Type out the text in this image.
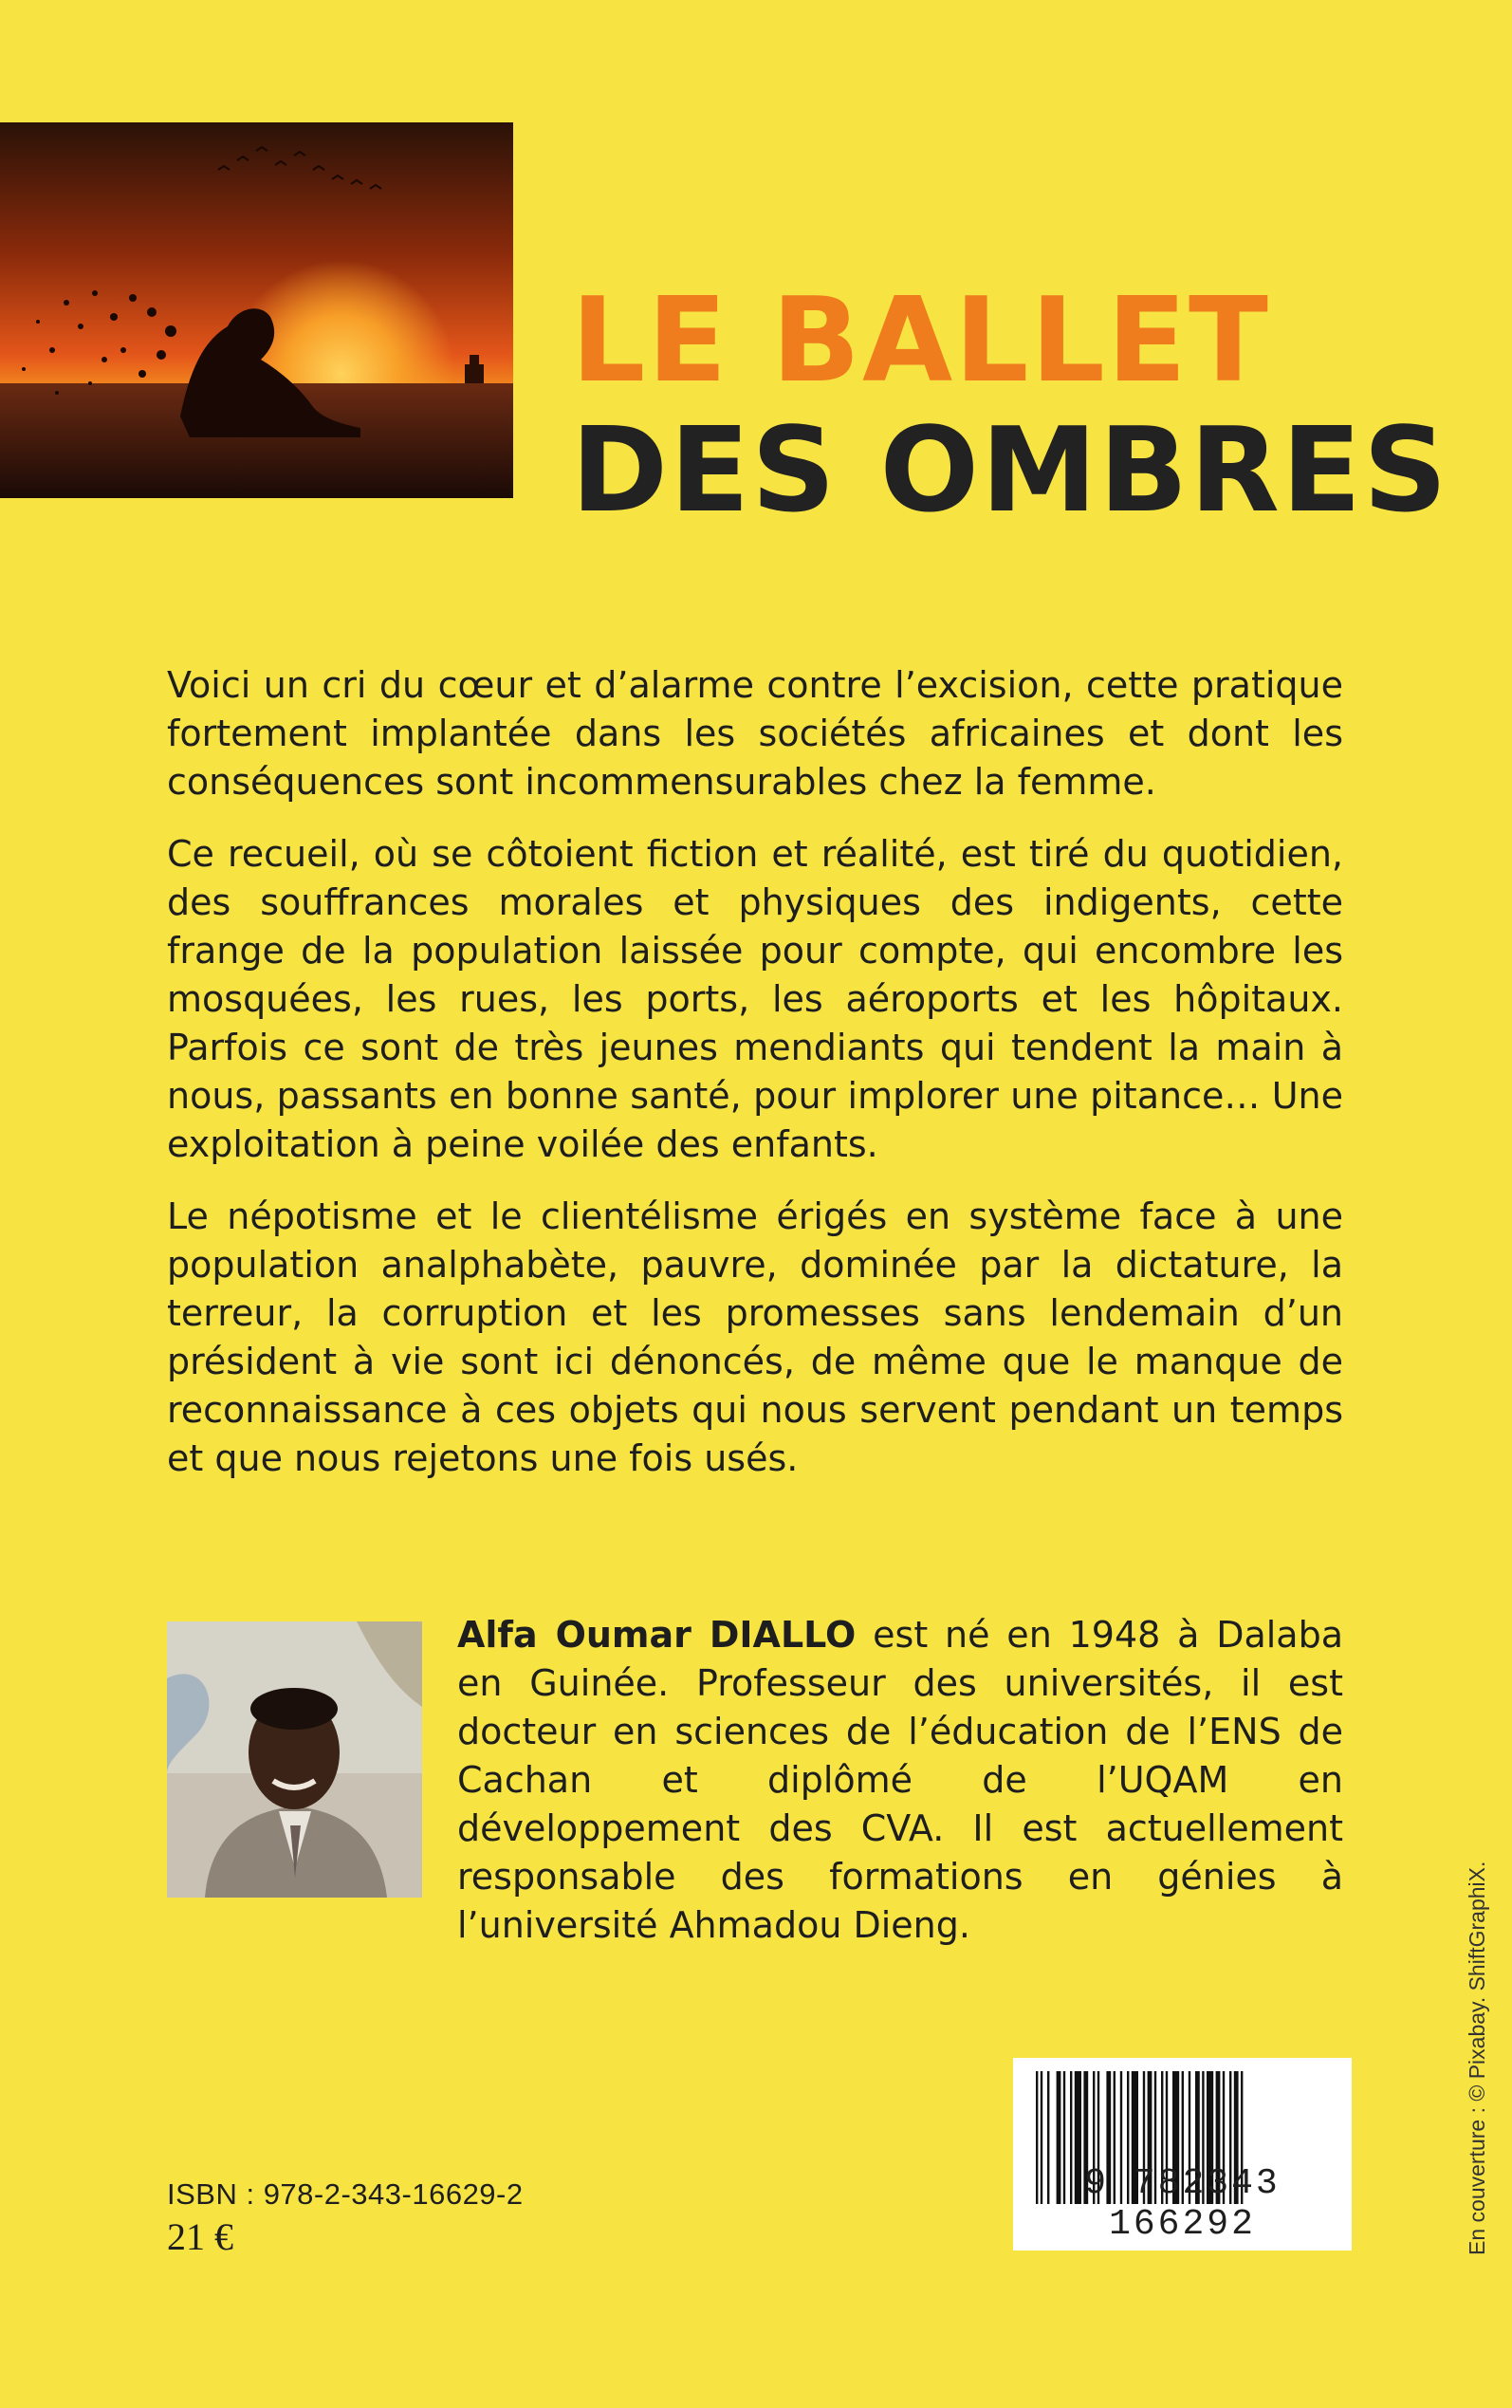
LE BALLET
DES OMBRES

Voici un cri du cœur et d’alarme contre l’excision, cette pratique fortement implantée dans les sociétés africaines et dont les conséquences sont incommensurables chez la femme.

Ce recueil, où se côtoient fiction et réalité, est tiré du quotidien, des souffrances morales et physiques des indigents, cette frange de la population laissée pour compte, qui encombre les mosquées, les rues, les ports, les aéroports et les hôpitaux. Parfois ce sont de très jeunes mendiants qui tendent la main à nous, passants en bonne santé, pour implorer une pitance… Une exploitation à peine voilée des enfants.

Le népotisme et le clientélisme érigés en système face à une population analphabète, pauvre, dominée par la dictature, la terreur, la corruption et les promesses sans lendemain d’un président à vie sont ici dénoncés, de même que le manque de reconnaissance à ces objets qui nous servent pendant un temps et que nous rejetons une fois usés.

Alfa Oumar DIALLO est né en 1948 à Dalaba en Guinée. Professeur des universités, il est docteur en sciences de l’éducation de l’ENS de Cachan et diplômé de l’UQAM en développement des CVA. Il est actuellement responsable des formations en génies à l’université Ahmadou Dieng.

ISBN : 978-2-343-16629-2
21 €
9 782343 166292	En couverture : © Pixabay. ShiftGraphiX.
